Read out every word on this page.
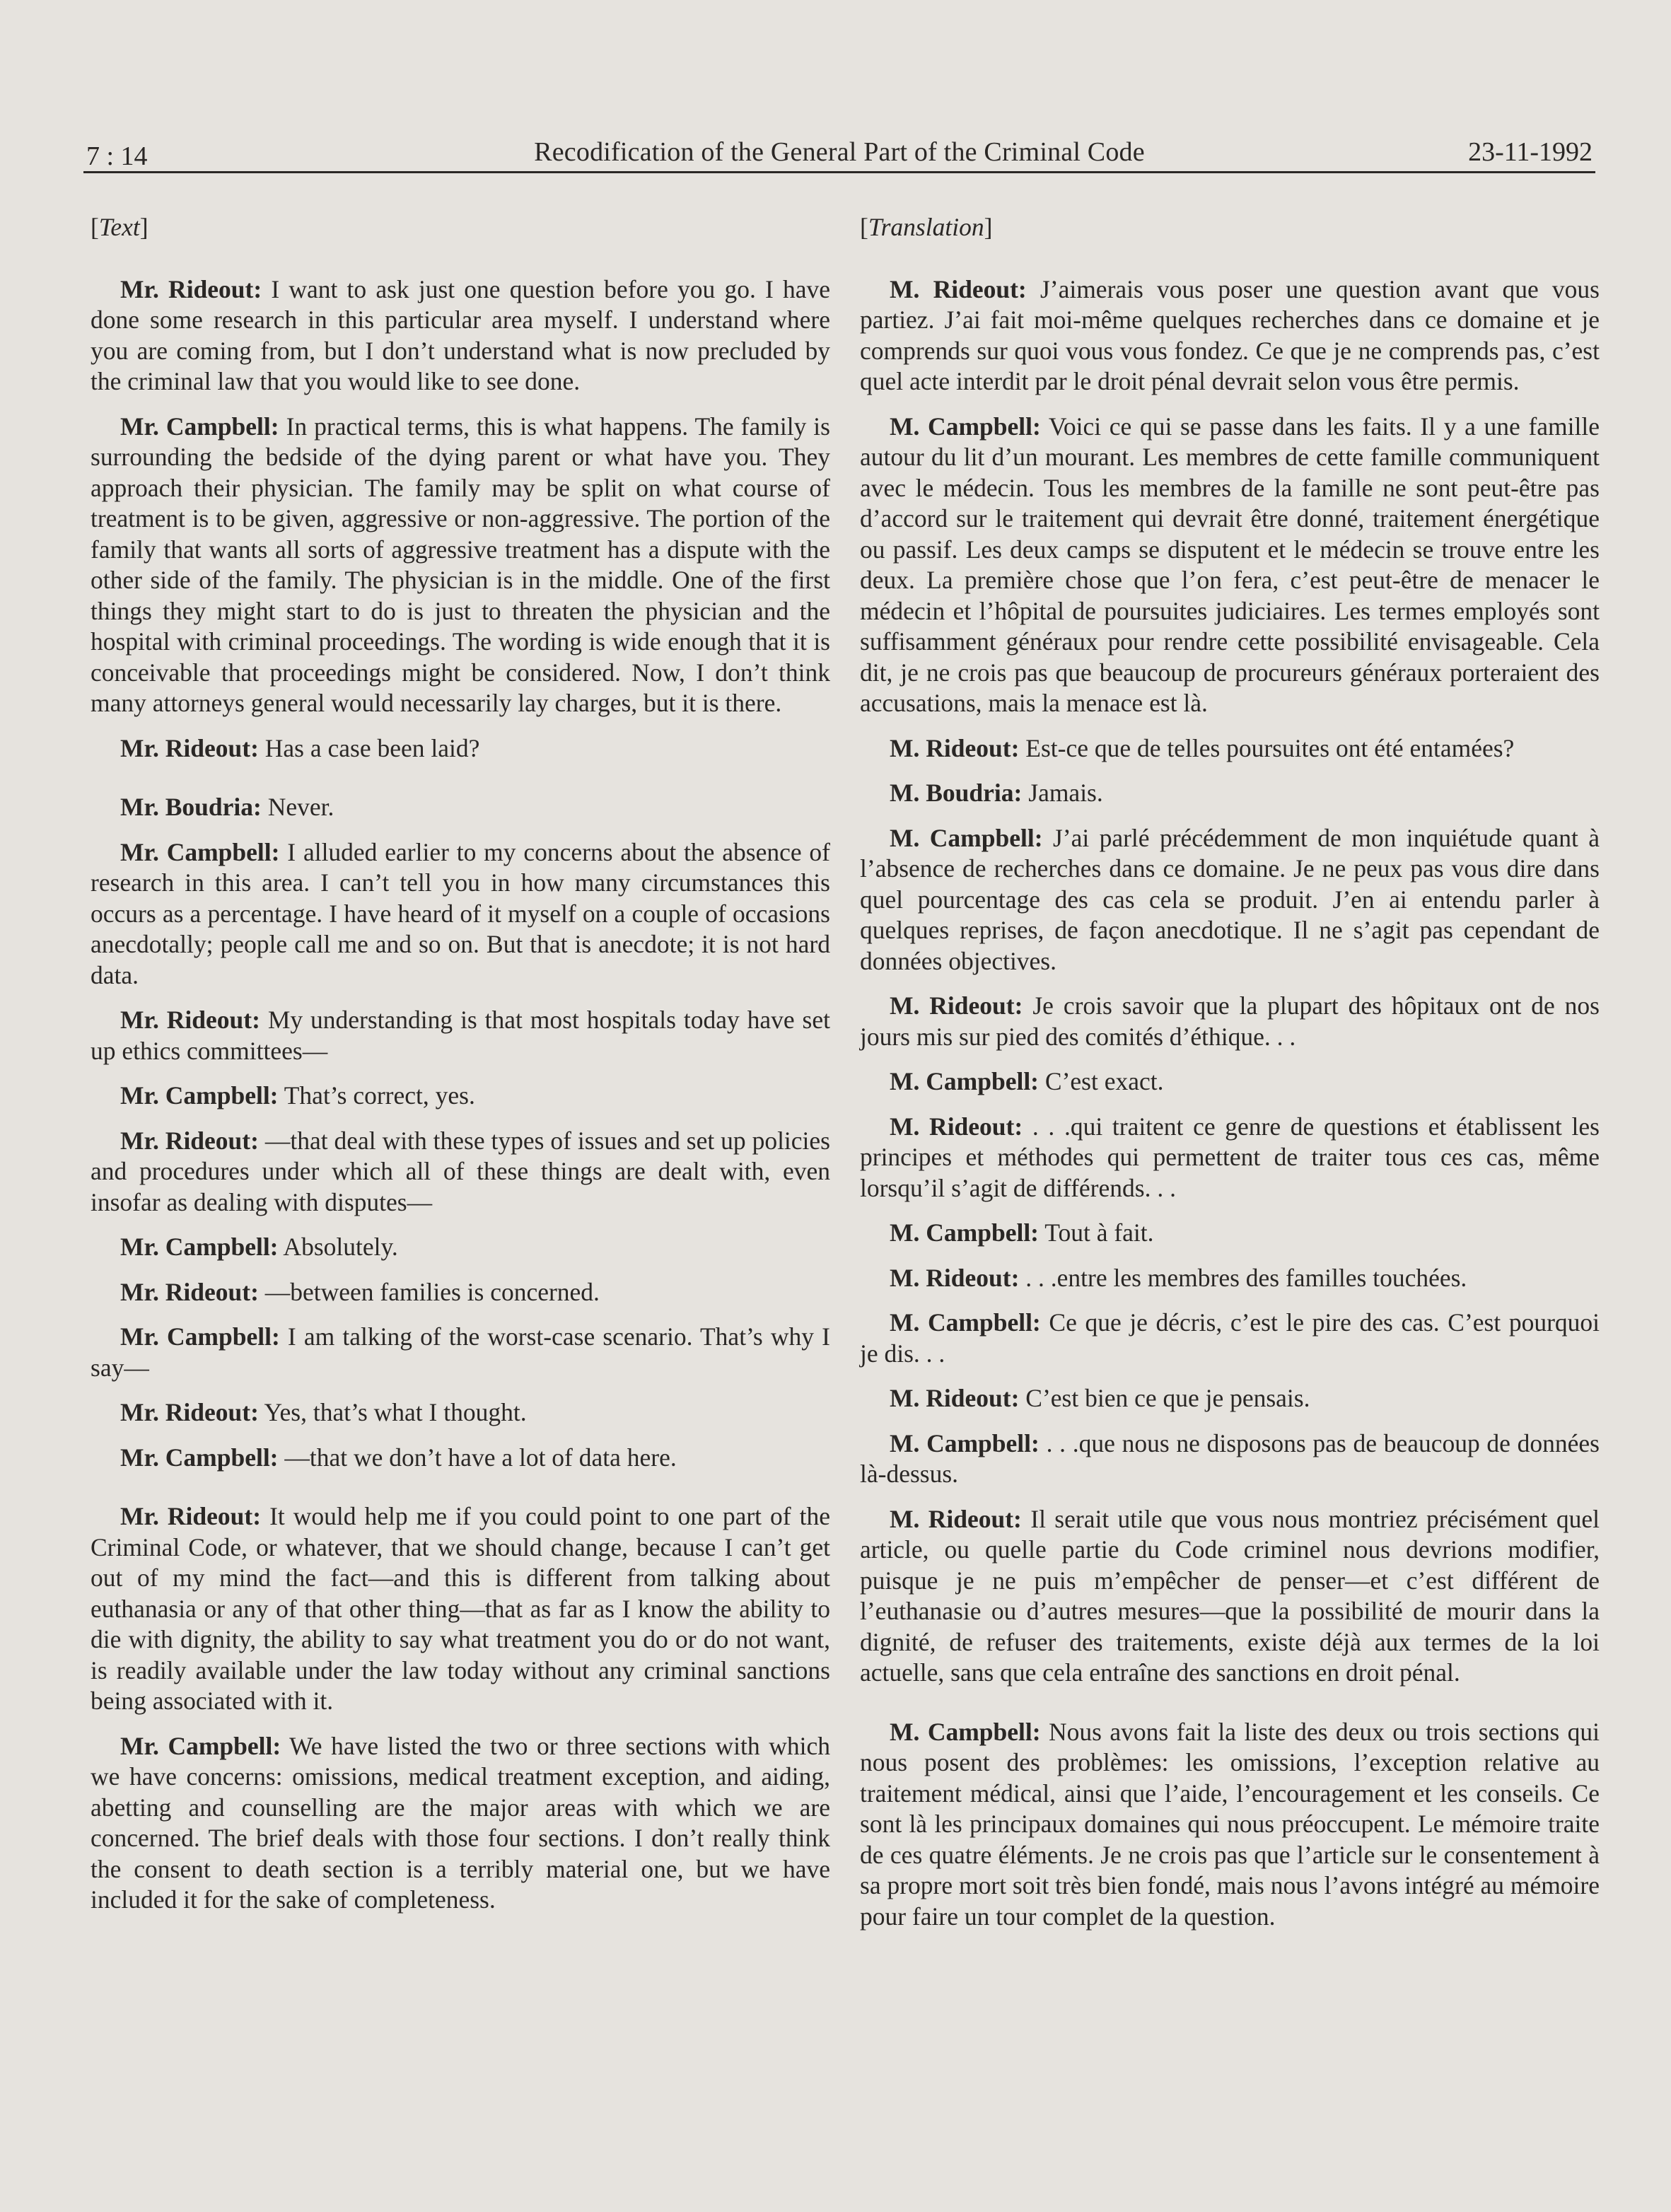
7 : 14	Recodification of the General Part of the Criminal Code	23-11-1992
[Text]

Mr. Rideout: I want to ask just one question before you go. I have done some research in this particular area myself. I understand where you are coming from, but I don’t understand what is now precluded by the criminal law that you would like to see done.

Mr. Campbell: In practical terms, this is what happens. The family is surrounding the bedside of the dying parent or what have you. They approach their physician. The family may be split on what course of treatment is to be given, aggressive or non-aggressive. The portion of the family that wants all sorts of aggressive treatment has a dispute with the other side of the family. The physician is in the middle. One of the first things they might start to do is just to threaten the physician and the hospital with criminal proceedings. The wording is wide enough that it is conceivable that proceedings might be considered. Now, I don’t think many attorneys general would necessarily lay charges, but it is there.

Mr. Rideout: Has a case been laid?

Mr. Boudria: Never.

Mr. Campbell: I alluded earlier to my concerns about the absence of research in this area. I can’t tell you in how many circumstances this occurs as a percentage. I have heard of it myself on a couple of occasions anecdotally; people call me and so on. But that is anecdote; it is not hard data.

Mr. Rideout: My understanding is that most hospitals today have set up ethics committees—

Mr. Campbell: That’s correct, yes.

Mr. Rideout: —that deal with these types of issues and set up policies and procedures under which all of these things are dealt with, even insofar as dealing with disputes—

Mr. Campbell: Absolutely.

Mr. Rideout: —between families is concerned.

Mr. Campbell: I am talking of the worst-case scenario. That’s why I say—

Mr. Rideout: Yes, that’s what I thought.

Mr. Campbell: —that we don’t have a lot of data here.

Mr. Rideout: It would help me if you could point to one part of the Criminal Code, or whatever, that we should change, because I can’t get out of my mind the fact—and this is different from talking about euthanasia or any of that other thing—that as far as I know the ability to die with dignity, the ability to say what treatment you do or do not want, is readily available under the law today without any criminal sanctions being associated with it.

Mr. Campbell: We have listed the two or three sections with which we have concerns: omissions, medical treatment exception, and aiding, abetting and counselling are the major areas with which we are concerned. The brief deals with those four sections. I don’t really think the consent to death section is a terribly material one, but we have included it for the sake of completeness.

[Translation]

M. Rideout: J’aimerais vous poser une question avant que vous partiez. J’ai fait moi-même quelques recherches dans ce domaine et je comprends sur quoi vous vous fondez. Ce que je ne comprends pas, c’est quel acte interdit par le droit pénal devrait selon vous être permis.

M. Campbell: Voici ce qui se passe dans les faits. Il y a une famille autour du lit d’un mourant. Les membres de cette famille communiquent avec le médecin. Tous les membres de la famille ne sont peut-être pas d’accord sur le traitement qui devrait être donné, traitement énergétique ou passif. Les deux camps se disputent et le médecin se trouve entre les deux. La première chose que l’on fera, c’est peut-être de menacer le médecin et l’hôpital de poursuites judiciaires. Les termes employés sont suffisamment généraux pour rendre cette possibilité envisageable. Cela dit, je ne crois pas que beaucoup de procureurs généraux porteraient des accusations, mais la menace est là.

M. Rideout: Est-ce que de telles poursuites ont été entamées?

M. Boudria: Jamais.

M. Campbell: J’ai parlé précédemment de mon inquiétude quant à l’absence de recherches dans ce domaine. Je ne peux pas vous dire dans quel pourcentage des cas cela se produit. J’en ai entendu parler à quelques reprises, de façon anecdotique. Il ne s’agit pas cependant de données objectives.

M. Rideout: Je crois savoir que la plupart des hôpitaux ont de nos jours mis sur pied des comités d’éthique. . .

M. Campbell: C’est exact.

M. Rideout: . . .qui traitent ce genre de questions et établissent les principes et méthodes qui permettent de traiter tous ces cas, même lorsqu’il s’agit de différends. . .

M. Campbell: Tout à fait.

M. Rideout: . . .entre les membres des familles touchées.

M. Campbell: Ce que je décris, c’est le pire des cas. C’est pourquoi je dis. . .

M. Rideout: C’est bien ce que je pensais.

M. Campbell: . . .que nous ne disposons pas de beaucoup de données là-dessus.

M. Rideout: Il serait utile que vous nous montriez précisément quel article, ou quelle partie du Code criminel nous devrions modifier, puisque je ne puis m’empêcher de penser—et c’est différent de l’euthanasie ou d’autres mesures—que la possibilité de mourir dans la dignité, de refuser des traitements, existe déjà aux termes de la loi actuelle, sans que cela entraîne des sanctions en droit pénal.

M. Campbell: Nous avons fait la liste des deux ou trois sections qui nous posent des problèmes: les omissions, l’exception relative au traitement médical, ainsi que l’aide, l’encouragement et les conseils. Ce sont là les principaux domaines qui nous préoccupent. Le mémoire traite de ces quatre éléments. Je ne crois pas que l’article sur le consentement à sa propre mort soit très bien fondé, mais nous l’avons intégré au mémoire pour faire un tour complet de la question.
